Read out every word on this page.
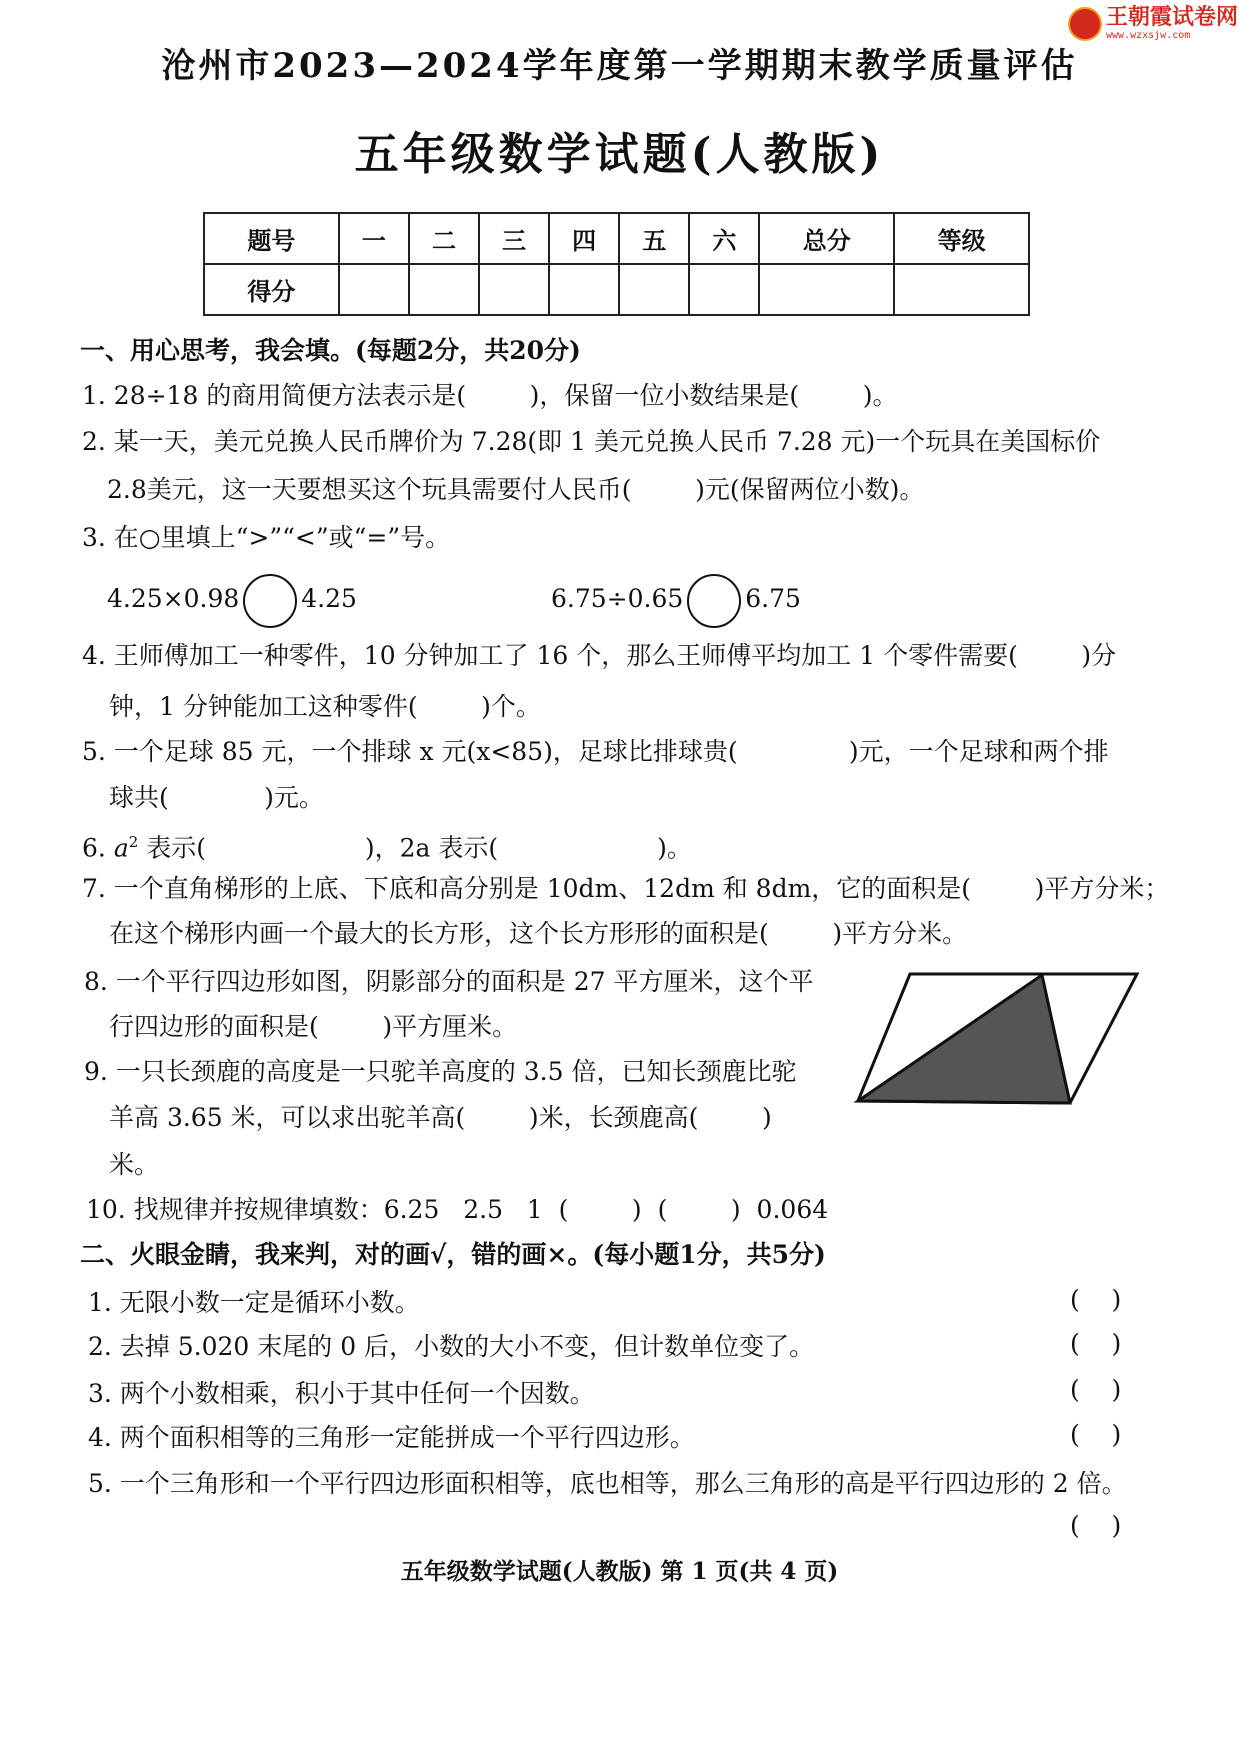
王朝霞试卷网
www.wzxsjw.com
沧州市2023—2024学年度第一学期期末教学质量评估
五年级数学试题(人教版)
题号	一	二	三	四	五	六	总分	等级
得分								
一、用心思考，我会填。(每题2分，共20分)
1. 28÷18 的商用简便方法表示是(        )，保留一位小数结果是(        )。
2. 某一天，美元兑换人民币牌价为 7.28(即 1 美元兑换人民币 7.28 元)一个玩具在美国标价
2.8美元，这一天要想买这个玩具需要付人民币(        )元(保留两位小数)。
3. 在○里填上“>”“<”或“=”号。
4.25×0.98 4.25	6.75÷0.65 6.75
4. 王师傅加工一种零件，10 分钟加工了 16 个，那么王师傅平均加工 1 个零件需要(        )分
钟，1 分钟能加工这种零件(        )个。
5. 一个足球 85 元，一个排球 x 元(x<85)，足球比排球贵(              )元，一个足球和两个排
球共(            )元。
6. $a^2$ 表示(                    )，2a 表示(                    )。
7. 一个直角梯形的上底、下底和高分别是 10dm、12dm 和 8dm，它的面积是(        )平方分米；
在这个梯形内画一个最大的长方形，这个长方形形的面积是(        )平方分米。
8. 一个平行四边形如图，阴影部分的面积是 27 平方厘米，这个平
行四边形的面积是(        )平方厘米。
9. 一只长颈鹿的高度是一只驼羊高度的 3.5 倍，已知长颈鹿比驼
羊高 3.65 米，可以求出驼羊高(        )米，长颈鹿高(        )
米。
10. 找规律并按规律填数：6.25   2.5   1  (        )  (        )  0.064
二、火眼金睛，我来判，对的画√，错的画×。(每小题1分，共5分)
1. 无限小数一定是循环小数。	(    )
2. 去掉 5.020 末尾的 0 后，小数的大小不变，但计数单位变了。	(    )
3. 两个小数相乘，积小于其中任何一个因数。	(    )
4. 两个面积相等的三角形一定能拼成一个平行四边形。	(    )
5. 一个三角形和一个平行四边形面积相等，底也相等，那么三角形的高是平行四边形的 2 倍。
(    )
五年级数学试题(人教版) 第 1 页(共 4 页)
